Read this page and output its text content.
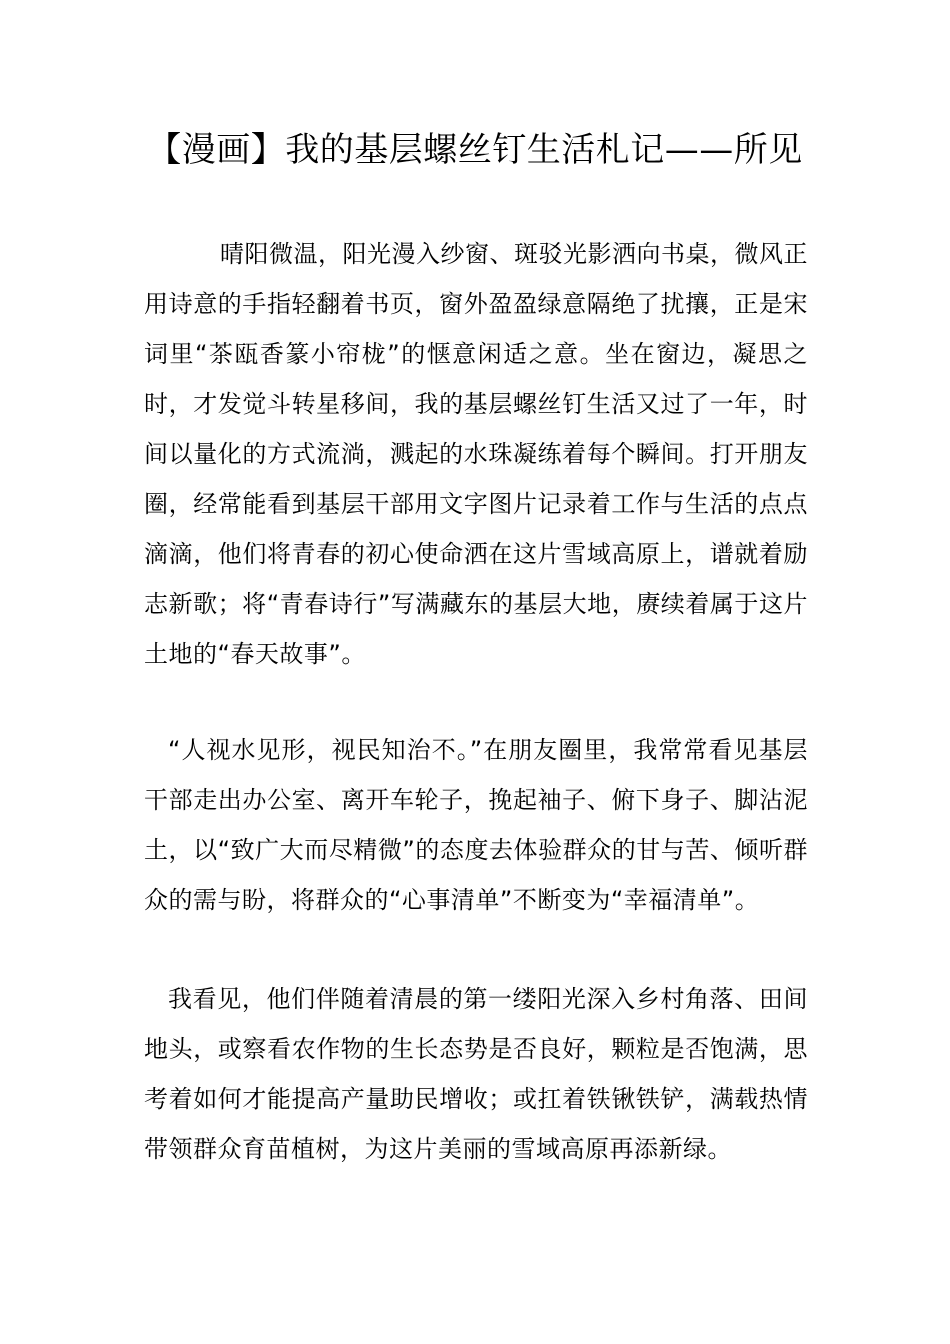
【漫画】我的基层螺丝钉生活札记——所见

晴阳微温，阳光漫入纱窗、斑驳光影洒向书桌，微风正用诗意的手指轻翻着书页，窗外盈盈绿意隔绝了扰攘，正是宋词里“茶瓯香篆小帘栊”的惬意闲适之意。坐在窗边，凝思之时，才发觉斗转星移间，我的基层螺丝钉生活又过了一年，时间以量化的方式流淌，溅起的水珠凝练着每个瞬间。打开朋友圈，经常能看到基层干部用文字图片记录着工作与生活的点点滴滴，他们将青春的初心使命洒在这片雪域高原上，谱就着励志新歌；将“青春诗行”写满藏东的基层大地，赓续着属于这片土地的“春天故事”。

“人视水见形，视民知治不。”在朋友圈里，我常常看见基层干部走出办公室、离开车轮子，挽起袖子、俯下身子、脚沾泥土，以“致广大而尽精微”的态度去体验群众的甘与苦、倾听群众的需与盼，将群众的“心事清单”不断变为“幸福清单”。

我看见，他们伴随着清晨的第一缕阳光深入乡村角落、田间地头，或察看农作物的生长态势是否良好，颗粒是否饱满，思考着如何才能提高产量助民增收；或扛着铁锹铁铲，满载热情带领群众育苗植树，为这片美丽的雪域高原再添新绿。
